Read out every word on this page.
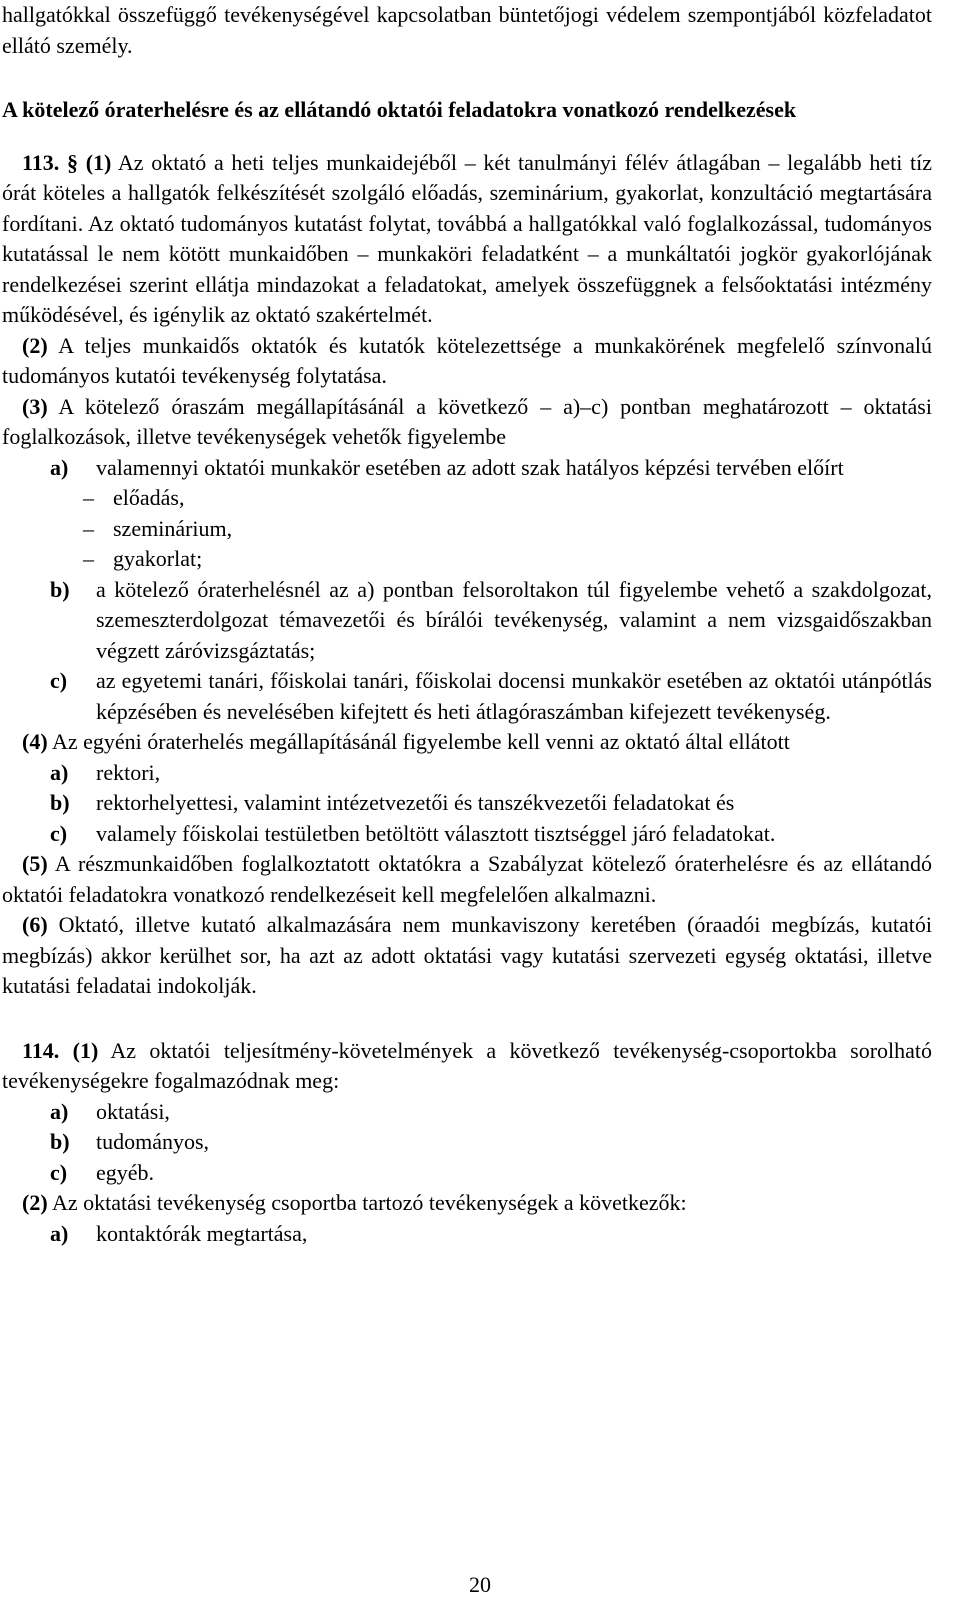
hallgatókkal összefüggő tevékenységével kapcsolatban büntetőjogi védelem szempontjából közfeladatot ellátó személy.

A kötelező óraterhelésre és az ellátandó oktatói feladatokra vonatkozó rendelkezések

113. § (1) Az oktató a heti teljes munkaidejéből – két tanulmányi félév átlagában – legalább heti tíz órát köteles a hallgatók felkészítését szolgáló előadás, szeminárium, gyakorlat, konzultáció megtartására fordítani. Az oktató tudományos kutatást folytat, továbbá a hallgatókkal való foglalkozással, tudományos kutatással le nem kötött munkaidőben – munkaköri feladatként – a munkáltatói jogkör gyakorlójának rendelkezései szerint ellátja mindazokat a feladatokat, amelyek összefüggnek a felsőoktatási intézmény működésével, és igénylik az oktató szakértelmét.

(2) A teljes munkaidős oktatók és kutatók kötelezettsége a munkakörének megfelelő színvonalú tudományos kutatói tevékenység folytatása.

(3) A kötelező óraszám megállapításánál a következő – a)–c) pontban meghatározott – oktatási foglalkozások, illetve tevékenységek vehetők figyelembe

a)	valamennyi oktatói munkakör esetében az adott szak hatályos képzési tervében előírt
– előadás,
– szeminárium,
– gyakorlat;
b)	a kötelező óraterhelésnél az a) pontban felsoroltakon túl figyelembe vehető a szakdolgozat, szemeszterdolgozat témavezetői és bírálói tevékenység, valamint a nem vizsgaidőszakban végzett záróvizsgáztatás;
c)	az egyetemi tanári, főiskolai tanári, főiskolai docensi munkakör esetében az oktatói utánpótlás képzésében és nevelésében kifejtett és heti átlagóraszámban kifejezett tevékenység.

(4) Az egyéni óraterhelés megállapításánál figyelembe kell venni az oktató által ellátott

a)	rektori,
b)	rektorhelyettesi, valamint intézetvezetői és tanszékvezetői feladatokat és
c)	valamely főiskolai testületben betöltött választott tisztséggel járó feladatokat.

(5) A részmunkaidőben foglalkoztatott oktatókra a Szabályzat kötelező óraterhelésre és az ellátandó oktatói feladatokra vonatkozó rendelkezéseit kell megfelelően alkalmazni.

(6) Oktató, illetve kutató alkalmazására nem munkaviszony keretében (óraadói megbízás, kutatói megbízás) akkor kerülhet sor, ha azt az adott oktatási vagy kutatási szervezeti egység oktatási, illetve kutatási feladatai indokolják.

114. (1) Az oktatói teljesítmény-követelmények a következő tevékenység-csoportokba sorolható tevékenységekre fogalmazódnak meg:

a)	oktatási,
b)	tudományos,
c)	egyéb.

(2) Az oktatási tevékenység csoportba tartozó tevékenységek a következők:

a)	kontaktórák megtartása,
20
